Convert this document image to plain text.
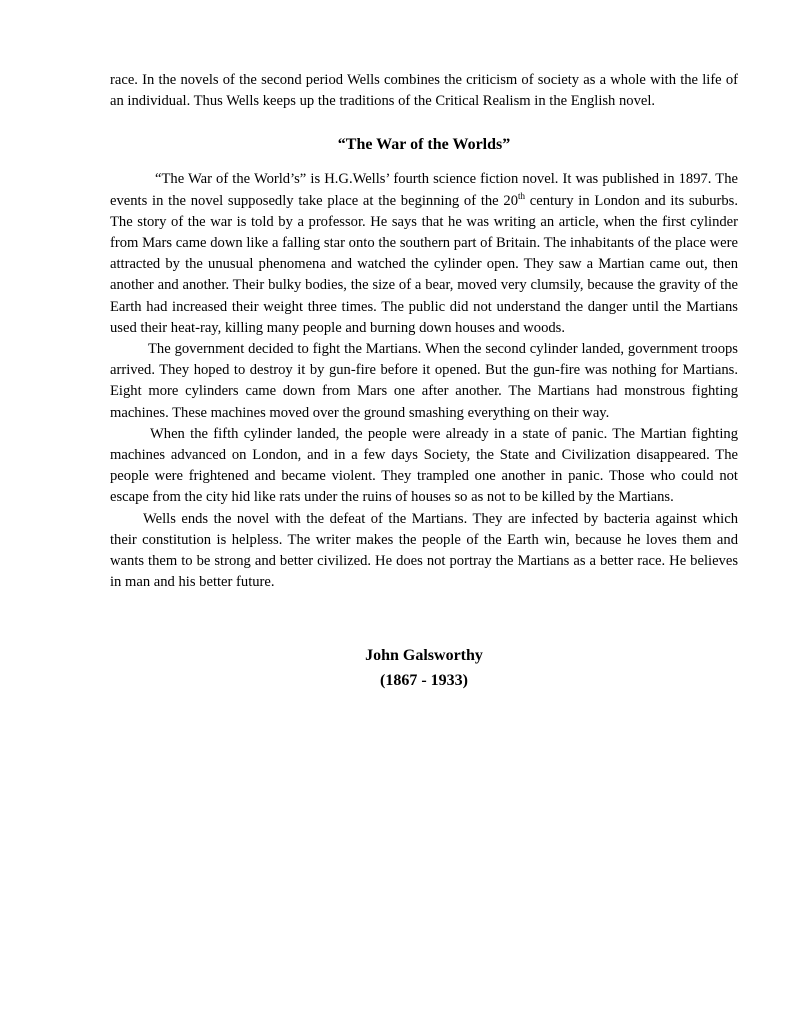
race. In the novels of the second period Wells combines the criticism of society as a whole with the life of an individual. Thus Wells keeps up the traditions of the Critical Realism in the English novel.

“The War of the Worlds”

“The War of the World’s” is H.G.Wells’ fourth science fiction novel. It was published in 1897. The events in the novel supposedly take place at the beginning of the 20th century in London and its suburbs. The story of the war is told by a professor. He says that he was writing an article, when the first cylinder from Mars came down like a falling star onto the southern part of Britain. The inhabitants of the place were attracted by the unusual phenomena and watched the cylinder open. They saw a Martian came out, then another and another. Their bulky bodies, the size of a bear, moved very clumsily, because the gravity of the Earth had increased their weight three times. The public did not understand the danger until the Martians used their heat-ray, killing many people and burning down houses and woods.

The government decided to fight the Martians. When the second cylinder landed, government troops arrived. They hoped to destroy it by gun-fire before it opened. But the gun-fire was nothing for Martians. Eight more cylinders came down from Mars one after another. The Martians had monstrous fighting machines. These machines moved over the ground smashing everything on their way.

When the fifth cylinder landed, the people were already in a state of panic. The Martian fighting machines advanced on London, and in a few days Society, the State and Civilization disappeared. The people were frightened and became violent. They trampled one another in panic. Those who could not escape from the city hid like rats under the ruins of houses so as not to be killed by the Martians.

Wells ends the novel with the defeat of the Martians. They are infected by bacteria against which their constitution is helpless. The writer makes the people of the Earth win, because he loves them and wants them to be strong and better civilized. He does not portray the Martians as a better race. He believes in man and his better future.

John Galsworthy
(1867 - 1933)
